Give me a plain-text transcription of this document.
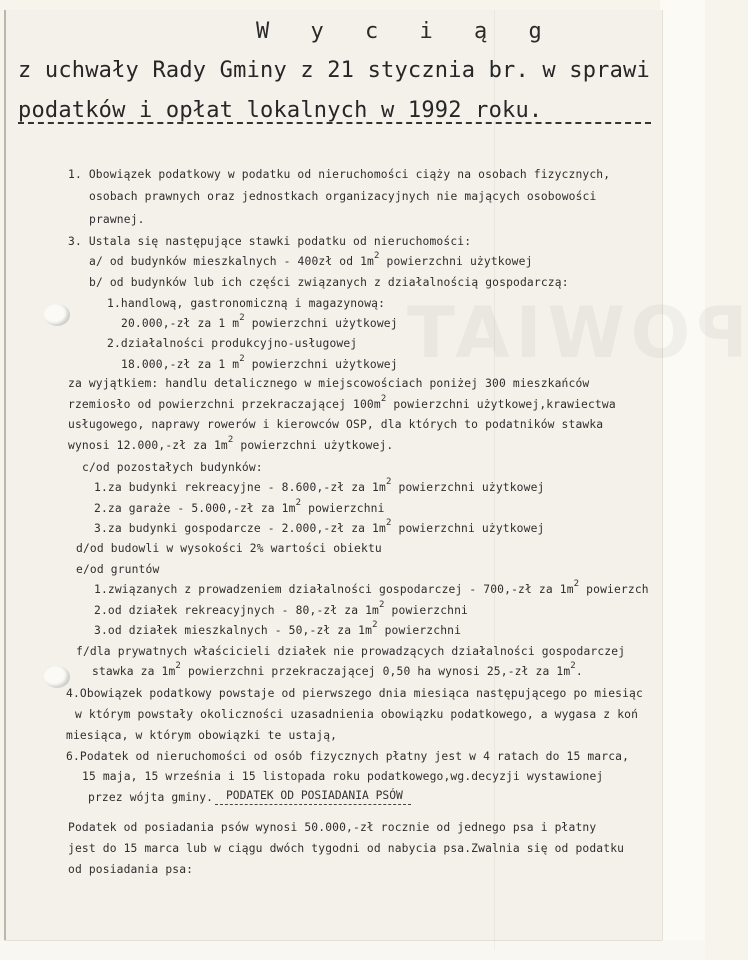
POWIAT
W y c i ą g
z uchwały Rady Gminy z 21 stycznia br. w sprawi
podatków i opłat lokalnych w 1992 roku.
1. Obowiązek podatkowy w podatku od nieruchomości ciąży na osobach fizycznych,
osobach prawnych oraz jednostkach organizacyjnych nie mających osobowości
prawnej.
3. Ustala się następujące stawki podatku od nieruchomości:
a/ od budynków mieszkalnych - 400zł od $1m^2$ powierzchni użytkowej
b/ od budynków lub ich części związanych z działalnością gospodarczą:
1.handlową, gastronomiczną i magazynową:
20.000,-zł za 1 $m^2$ powierzchni użytkowej
2.działalności produkcyjno-usługowej
18.000,-zł za 1 $m^2$ powierzchni użytkowej
za wyjątkiem: handlu detalicznego w miejscowościach poniżej 300 mieszkańców
rzemiosło od powierzchni przekraczającej $100m^2$ powierzchni użytkowej,krawiectwa
usługowego, naprawy rowerów i kierowców OSP, dla których to podatników stawka
wynosi 12.000,-zł za $1m^2$ powierzchni użytkowej.
c/od pozostałych budynków:
1.za budynki rekreacyjne - 8.600,-zł za $1m^2$ powierzchni użytkowej
2.za garaże - 5.000,-zł za $1m^2$ powierzchni
3.za budynki gospodarcze - 2.000,-zł za $1m^2$ powierzchni użytkowej
d/od budowli w wysokości 2% wartości obiektu
e/od gruntów
1.związanych z prowadzeniem działalności gospodarczej - 700,-zł za $1m^2$ powierzch
2.od działek rekreacyjnych - 80,-zł za $1m^2$ powierzchni
3.od działek mieszkalnych - 50,-zł za $1m^2$ powierzchni
f/dla prywatnych właścicieli działek nie prowadzących działalności gospodarczej
stawka za $1m^2$ powierzchni przekraczającej 0,50 ha wynosi 25,-zł za $1m^2$.
4.Obowiązek podatkowy powstaje od pierwszego dnia miesiąca następującego po miesiąc
w którym powstały okoliczności uzasadnienia obowiązku podatkowego, a wygasa z koń
miesiąca, w którym obowiązki te ustają,
6.Podatek od nieruchomości od osób fizycznych płatny jest w 4 ratach do 15 marca,
15 maja, 15 września i 15 listopada roku podatkowego,wg.decyzji wystawionej
przez wójta gminy. PODATEK OD POSIADANIA PSÓW
Podatek od posiadania psów wynosi 50.000,-zł rocznie od jednego psa i płatny
jest do 15 marca lub w ciągu dwóch tygodni od nabycia psa.Zwalnia się od podatku
od posiadania psa:
